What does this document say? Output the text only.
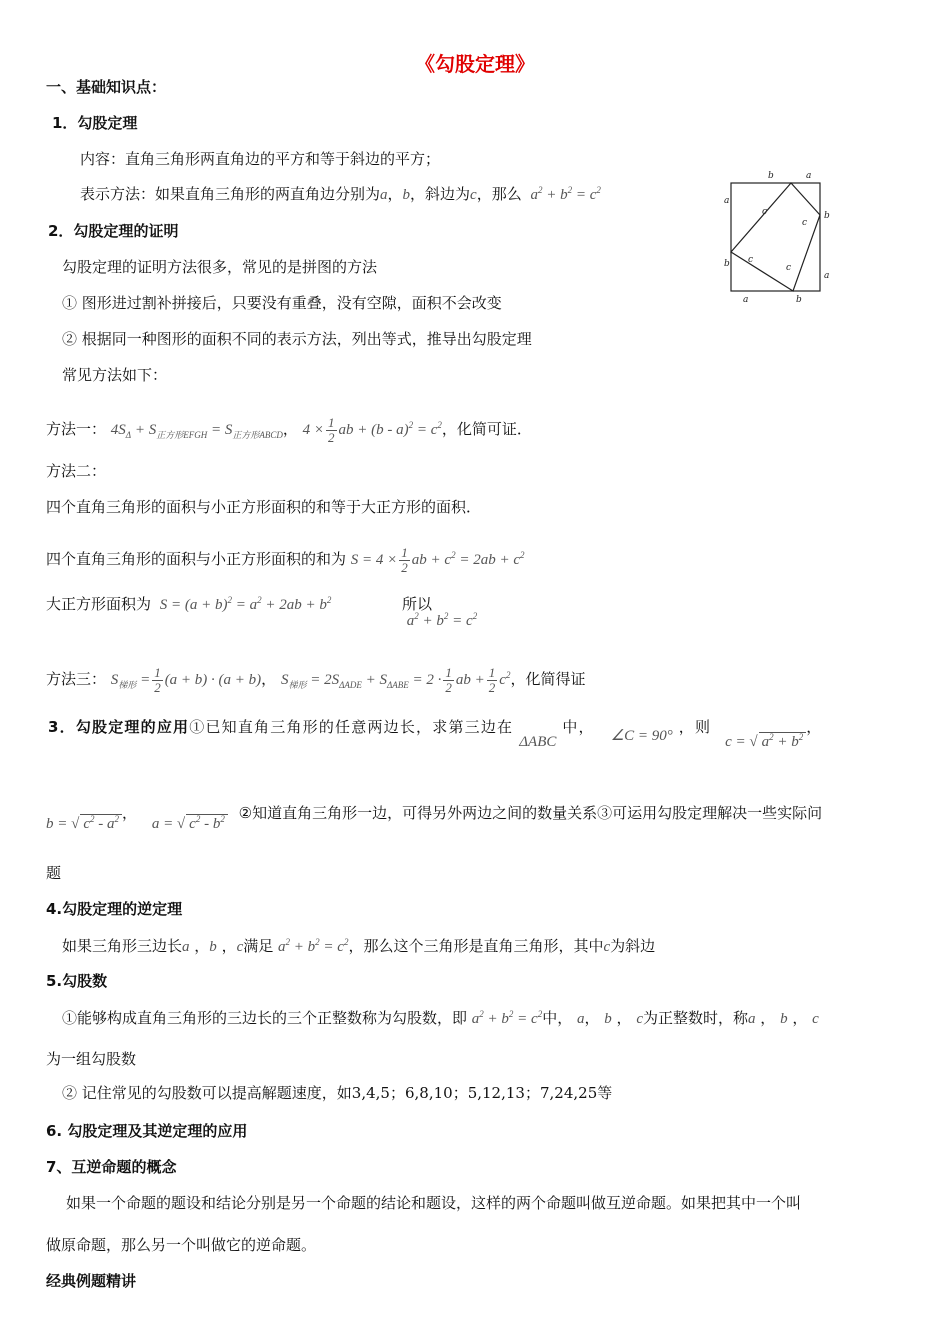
《勾股定理》
一、基础知识点：
1．勾股定理
内容：直角三角形两直角边的平方和等于斜边的平方；
表示方法：如果直角三角形的两直角边分别为a，b，斜边为c，那么 $a^2 + b^2 = c^2$
b	a
a
b
b
a
a	b
c
c
c
c
2．勾股定理的证明
勾股定理的证明方法很多，常见的是拼图的方法
① 图形进过割补拼接后，只要没有重叠，没有空隙，面积不会改变
② 根据同一种图形的面积不同的表示方法，列出等式，推导出勾股定理
常见方法如下：
方法一： $4S_\Delta + S_{正方形EFGH} = S_{正方形ABCD}$， $4 \times \frac{1}{2}$ ab + $(b - a)^2 = c^2$，化简可证．
方法二：
四个直角三角形的面积与小正方形面积的和等于大正方形的面积．
四个直角三角形的面积与小正方形面积的和为 $S = 4 \times \frac{1}{2}$ ab + $c^2 = 2ab + c^2$
大正方形面积为 $S = (a + b)^2 = a^2 + 2ab + b^2$	所以 $a^2 + b^2 = c^2$
方法三： $S_{梯形} = \frac{1}{2} (a + b) \cdot (a + b)$， $S_{梯形} = 2S_{\Delta ADE} + S_{\Delta ABE} = 2 \cdot \frac{1}{2}$ ab + $\frac{1}{2} c^2$，化简得证
3．勾股定理的应用①已知直角三角形的任意两边长，求第三边在 ΔABC 中， ∠C = 90° ，则 c = √ $a^2 + b^2$，
b = √ $c^2 - a^2$ ， a = √ $c^2 - b^2$ ②知道直角三角形一边，可得另外两边之间的数量关系③可运用勾股定理解决一些实际问
题
4.勾股定理的逆定理
如果三角形三边长a ，b ，c满足 $a^2 + b^2 = c^2$，那么这个三角形是直角三角形，其中c为斜边
5.勾股数
①能够构成直角三角形的三边长的三个正整数称为勾股数，即 $a^2 + b^2 = c^2$中， a， b ， c为正整数时，称a ， b ， c
为一组勾股数
② 记住常见的勾股数可以提高解题速度，如3,4,5；6,8,10；5,12,13；7,24,25等
6. 勾股定理及其逆定理的应用
7、互逆命题的概念
如果一个命题的题设和结论分别是另一个命题的结论和题设，这样的两个命题叫做互逆命题。如果把其中一个叫
做原命题，那么另一个叫做它的逆命题。
经典例题精讲
